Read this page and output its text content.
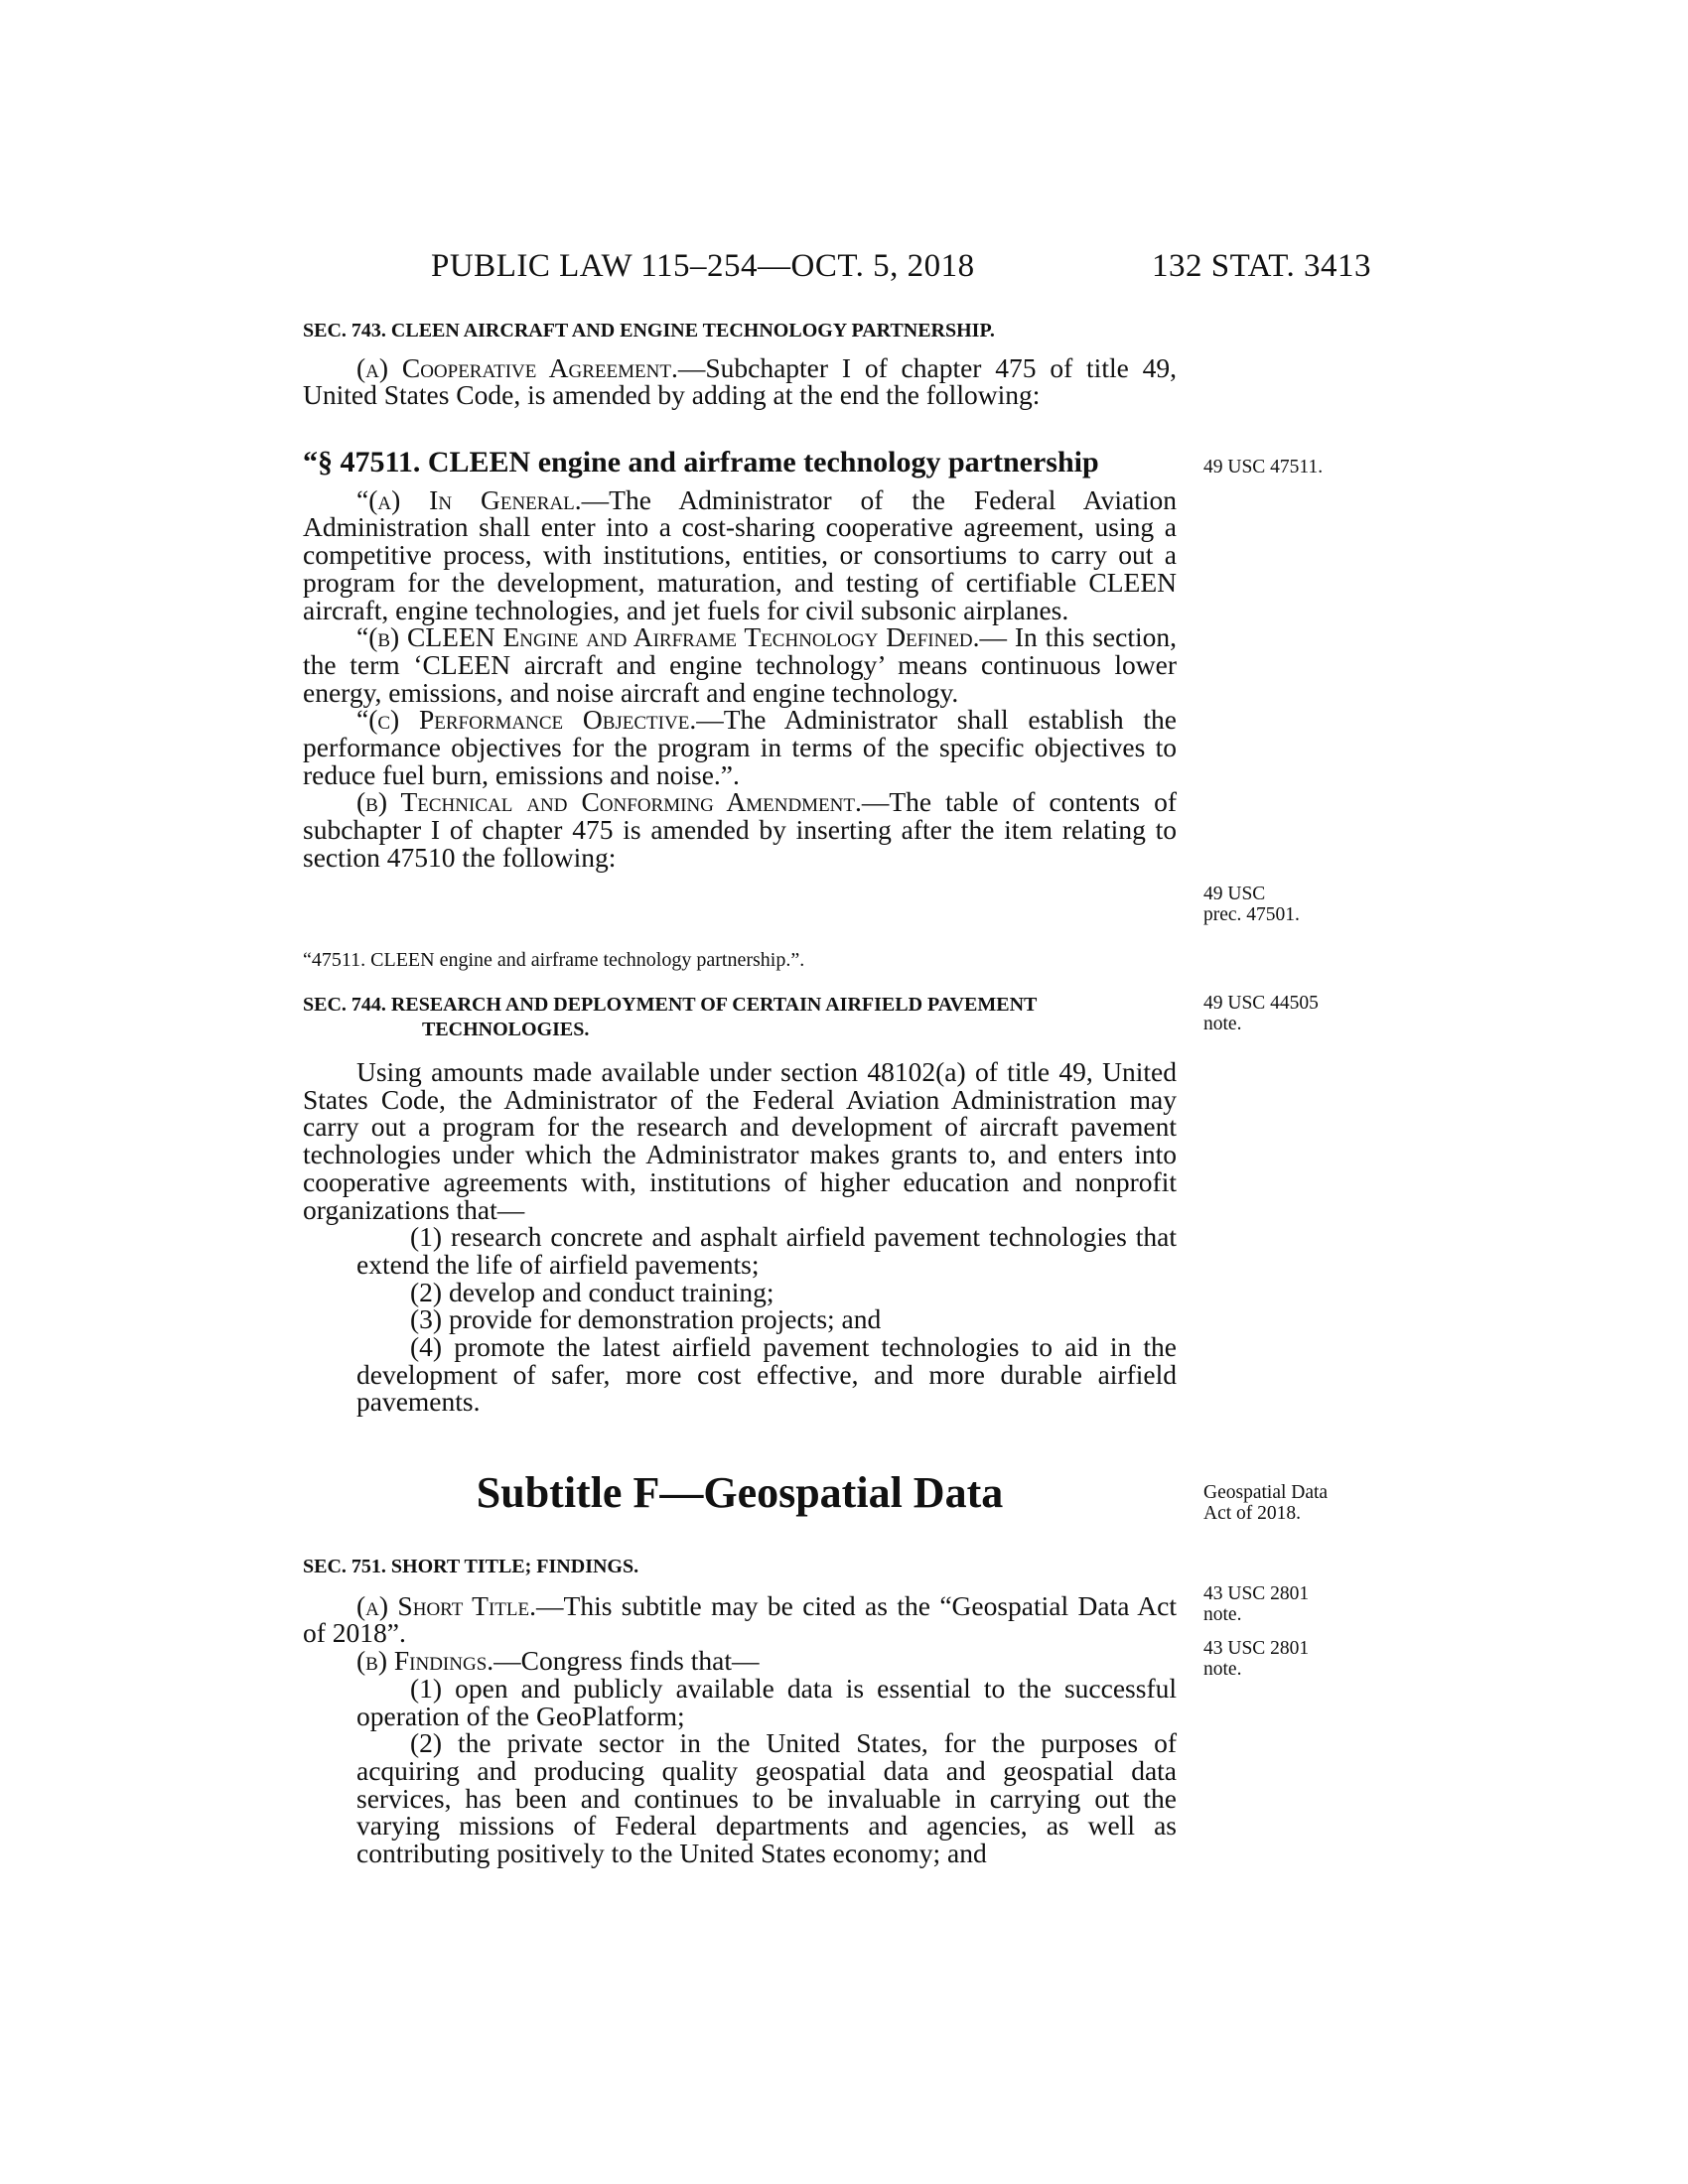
PUBLIC LAW 115–254—OCT. 5, 2018	132 STAT. 3413

SEC. 743. CLEEN AIRCRAFT AND ENGINE TECHNOLOGY PARTNERSHIP.

(a) Cooperative Agreement.—Subchapter I of chapter 475 of title 49, United States Code, is amended by adding at the end the following:

“§ 47511. CLEEN engine and airframe technology partnership

“(a) In General.—The Administrator of the Federal Aviation Administration shall enter into a cost-sharing cooperative agreement, using a competitive process, with institutions, entities, or consortiums to carry out a program for the development, maturation, and testing of certifiable CLEEN aircraft, engine technologies, and jet fuels for civil subsonic airplanes.

“(b) CLEEN Engine and Airframe Technology Defined.— In this section, the term ‘CLEEN aircraft and engine technology’ means continuous lower energy, emissions, and noise aircraft and engine technology.

“(c) Performance Objective.—The Administrator shall establish the performance objectives for the program in terms of the specific objectives to reduce fuel burn, emissions and noise.”.

(b) Technical and Conforming Amendment.—The table of contents of subchapter I of chapter 475 is amended by inserting after the item relating to section 47510 the following:

“47511. CLEEN engine and airframe technology partnership.”.

SEC. 744. RESEARCH AND DEPLOYMENT OF CERTAIN AIRFIELD PAVEMENT TECHNOLOGIES.

Using amounts made available under section 48102(a) of title 49, United States Code, the Administrator of the Federal Aviation Administration may carry out a program for the research and development of aircraft pavement technologies under which the Administrator makes grants to, and enters into cooperative agreements with, institutions of higher education and nonprofit organizations that—

(1) research concrete and asphalt airfield pavement technologies that extend the life of airfield pavements;

(2) develop and conduct training;

(3) provide for demonstration projects; and

(4) promote the latest airfield pavement technologies to aid in the development of safer, more cost effective, and more durable airfield pavements.

Subtitle F—Geospatial Data

SEC. 751. SHORT TITLE; FINDINGS.

(a) Short Title.—This subtitle may be cited as the “Geospatial Data Act of 2018”.

(b) Findings.—Congress finds that—

(1) open and publicly available data is essential to the successful operation of the GeoPlatform;

(2) the private sector in the United States, for the purposes of acquiring and producing quality geospatial data and geospatial data services, has been and continues to be invaluable in carrying out the varying missions of Federal departments and agencies, as well as contributing positively to the United States economy; and

49 USC 47511.
49 USC
prec. 47501.
49 USC 44505
note.
Geospatial Data
Act of 2018.
43 USC 2801
note.
43 USC 2801
note.
